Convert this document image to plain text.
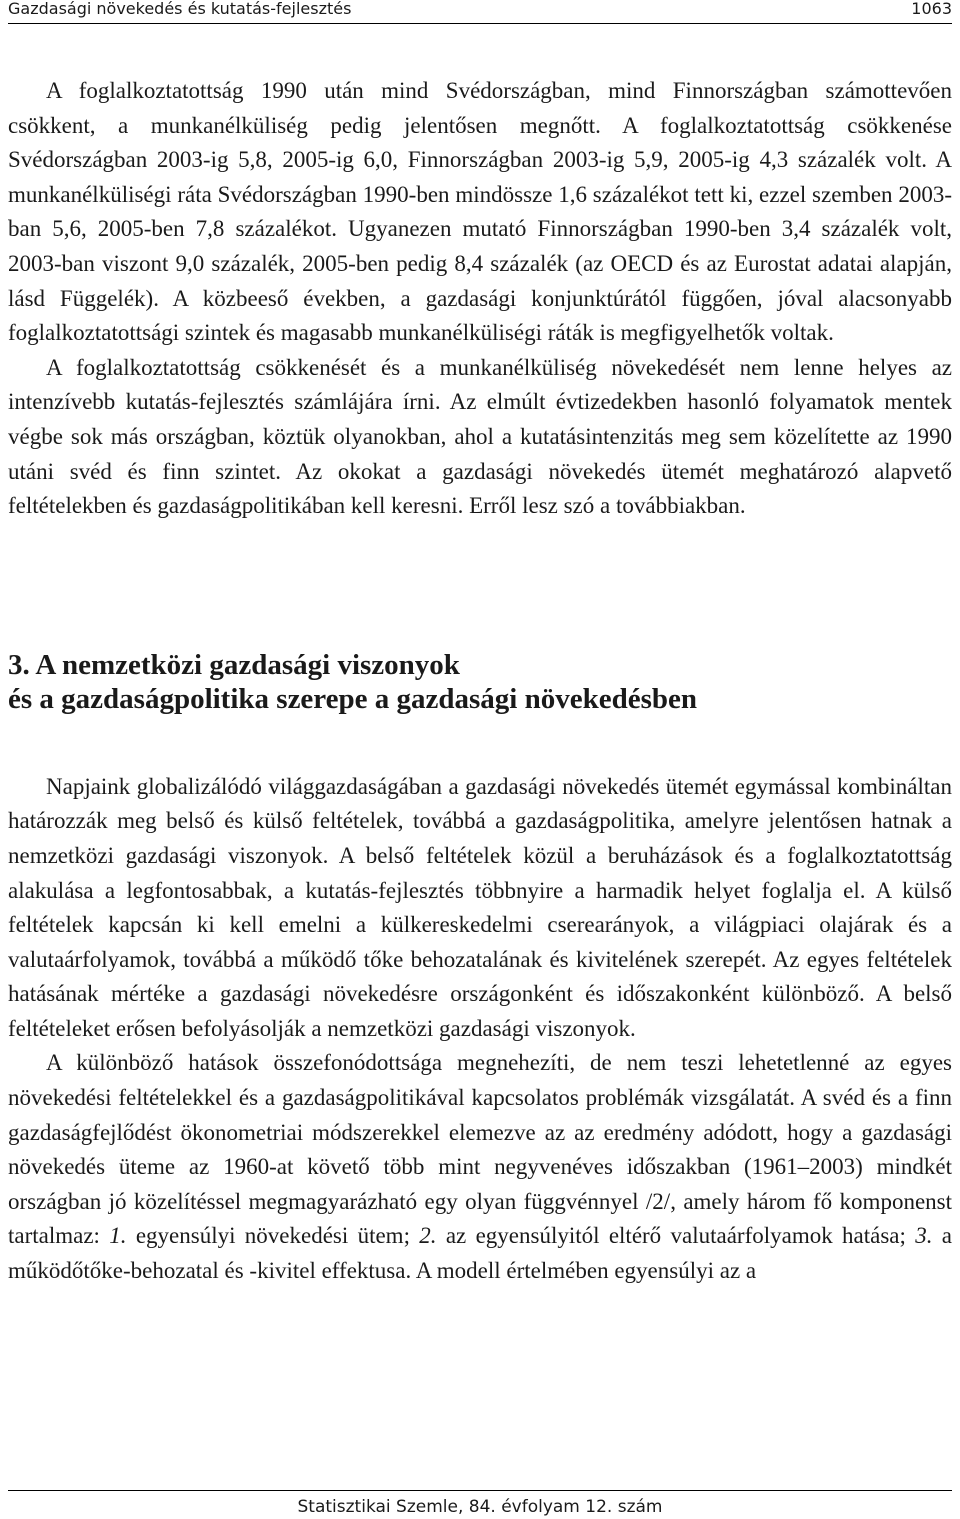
Gazdasági növekedés és kutatás-fejlesztés	1063

A foglalkoztatottság 1990 után mind Svédországban, mind Finnországban számottevően csökkent, a munkanélküliség pedig jelentősen megnőtt. A foglalkoztatottság csökkenése Svédországban 2003-ig 5,8, 2005-ig 6,0, Finnországban 2003-ig 5,9, 2005-ig 4,3 százalék volt. A munkanélküliségi ráta Svédországban 1990-ben mindössze 1,6 százalékot tett ki, ezzel szemben 2003-ban 5,6, 2005-ben 7,8 százalékot. Ugyanezen mutató Finnországban 1990-ben 3,4 százalék volt, 2003-ban viszont 9,0 százalék, 2005-ben pedig 8,4 százalék (az OECD és az Eurostat adatai alapján, lásd Függelék). A közbeeső években, a gazdasági konjunktúrától függően, jóval alacsonyabb foglalkoztatottsági szintek és magasabb munkanélküliségi ráták is megfigyelhetők voltak.

A foglalkoztatottság csökkenését és a munkanélküliség növekedését nem lenne helyes az intenzívebb kutatás-fejlesztés számlájára írni. Az elmúlt évtizedekben hasonló folyamatok mentek végbe sok más országban, köztük olyanokban, ahol a kutatásintenzitás meg sem közelítette az 1990 utáni svéd és finn szintet. Az okokat a gazdasági növekedés ütemét meghatározó alapvető feltételekben és gazdaságpolitikában kell keresni. Erről lesz szó a továbbiakban.

3. A nemzetközi gazdasági viszonyok
és a gazdaságpolitika szerepe a gazdasági növekedésben

Napjaink globalizálódó világgazdaságában a gazdasági növekedés ütemét egymással kombináltan határozzák meg belső és külső feltételek, továbbá a gazdaságpolitika, amelyre jelentősen hatnak a nemzetközi gazdasági viszonyok. A belső feltételek közül a beruházások és a foglalkoztatottság alakulása a legfontosabbak, a kutatás-fejlesztés többnyire a harmadik helyet foglalja el. A külső feltételek kapcsán ki kell emelni a külkereskedelmi cserearányok, a világpiaci olajárak és a valutaárfolyamok, továbbá a működő tőke behozatalának és kivitelének szerepét. Az egyes feltételek hatásának mértéke a gazdasági növekedésre országonként és időszakonként különböző. A belső feltételeket erősen befolyásolják a nemzetközi gazdasági viszonyok.

A különböző hatások összefonódottsága megnehezíti, de nem teszi lehetetlenné az egyes növekedési feltételekkel és a gazdaságpolitikával kapcsolatos problémák vizsgálatát. A svéd és a finn gazdaságfejlődést ökonometriai módszerekkel elemezve az az eredmény adódott, hogy a gazdasági növekedés üteme az 1960-at követő több mint negyvenéves időszakban (1961–2003) mindkét országban jó közelítéssel megmagyarázható egy olyan függvénnyel /2/, amely három fő komponenst tartalmaz: 1. egyensúlyi növekedési ütem; 2. az egyensúlyitól eltérő valutaárfolyamok hatása; 3. a működőtőke-behozatal és -kivitel effektusa. A modell értelmében egyensúlyi az a

Statisztikai Szemle, 84. évfolyam 12. szám
